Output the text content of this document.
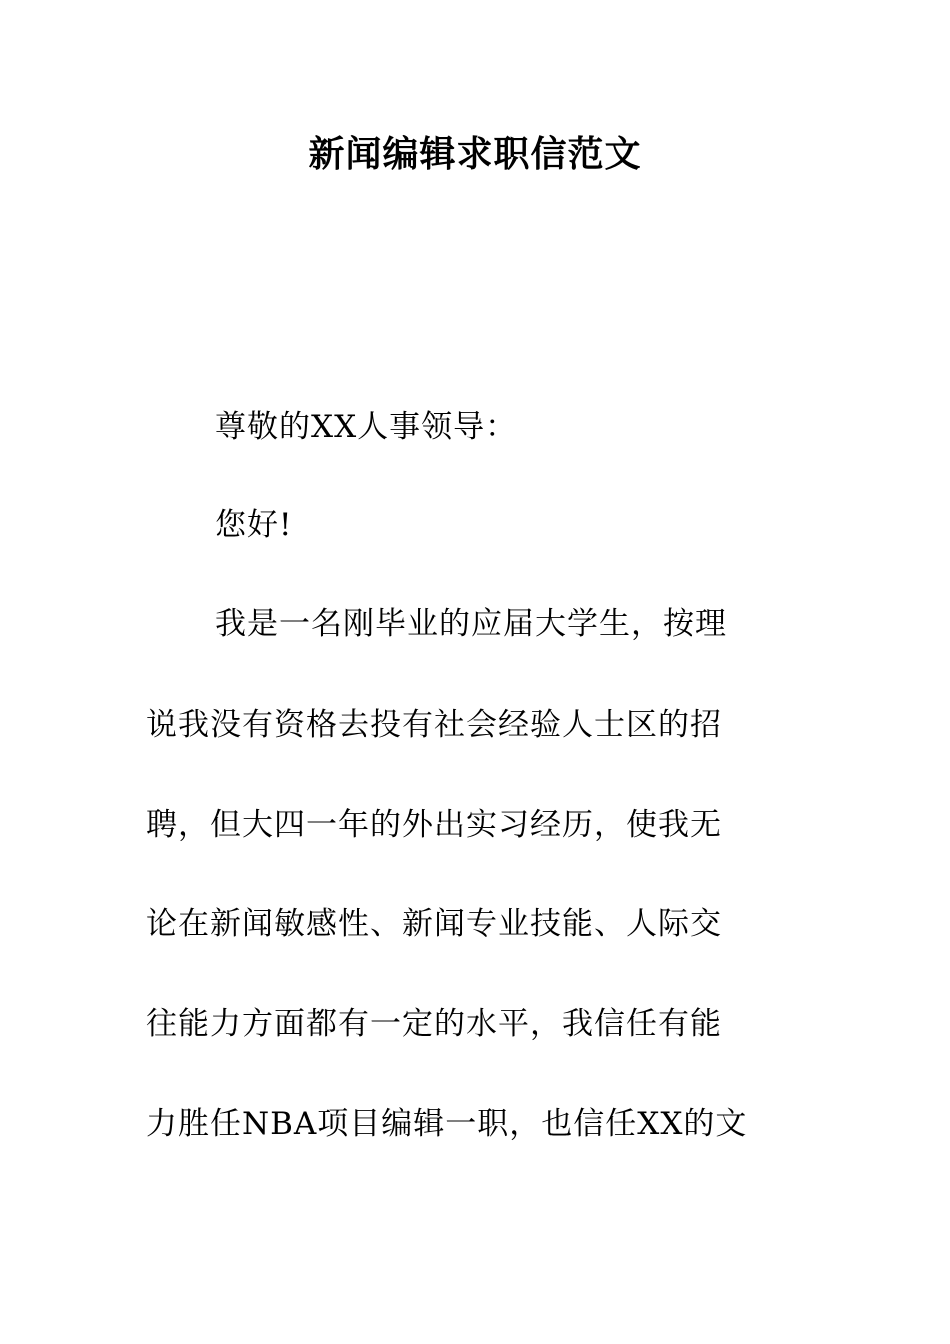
新闻编辑求职信范文
尊敬的XX人事领导：
您好!
我是一名刚毕业的应届大学生，按理
说我没有资格去投有社会经验人士区的招
聘，但大四一年的外出实习经历，使我无
论在新闻敏感性、新闻专业技能、人际交
往能力方面都有一定的水平，我信任有能
力胜任NBA项目编辑一职，也信任XX的文
